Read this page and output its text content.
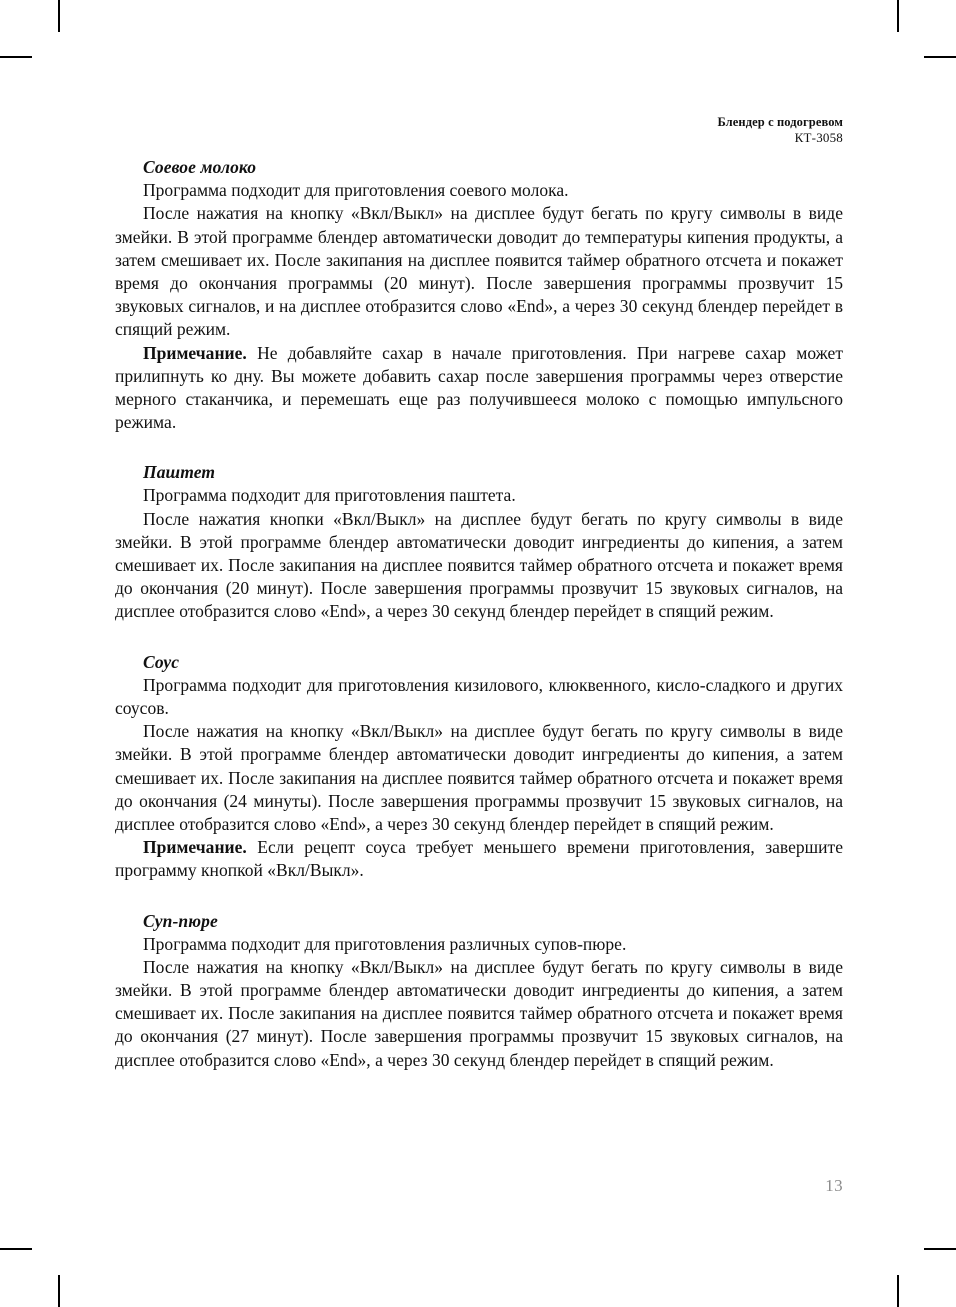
Блендер с подогревом
КТ-3058
Соевое молоко

Программа подходит для приготовления соевого молока.

После нажатия на кнопку «Вкл/Выкл» на дисплее будут бегать по кругу символы в виде змейки. В этой программе блендер автоматически доводит до температуры кипения продукты, а затем смешивает их. После закипания на дисплее появится таймер обратного отсчета и покажет время до окончания программы (20 минут). После завершения программы прозвучит 15 звуковых сигналов, и на дисплее отобразится слово «End», а через 30 секунд блендер перейдет в спящий режим.

Примечание. Не добавляйте сахар в начале приготовления. При нагреве сахар может прилипнуть ко дну. Вы можете добавить сахар после завершения программы через отверстие мерного стаканчика, и перемешать еще раз получившееся молоко с помощью импульсного режима.

Паштет

Программа подходит для приготовления паштета.

После нажатия кнопки «Вкл/Выкл» на дисплее будут бегать по кругу символы в виде змейки. В этой программе блендер автоматически доводит ингредиенты до кипения, а затем смешивает их. После закипания на дисплее появится таймер обратного отсчета и покажет время до окончания (20 минут). После завершения программы прозвучит 15 звуковых сигналов, на дисплее отобразится слово «End», а через 30 секунд блендер перейдет в спящий режим.

Соус

Программа подходит для приготовления кизилового, клюквенного, кисло-сладкого и других соусов.

После нажатия на кнопку «Вкл/Выкл» на дисплее будут бегать по кругу символы в виде змейки. В этой программе блендер автоматически доводит ингредиенты до кипения, а затем смешивает их. После закипания на дисплее появится таймер обратного отсчета и покажет время до окончания (24 минуты). После завершения программы прозвучит 15 звуковых сигналов, на дисплее отобразится слово «End», а через 30 секунд блендер перейдет в спящий режим.

Примечание. Если рецепт соуса требует меньшего времени приготовления, завершите программу кнопкой «Вкл/Выкл».

Суп-пюре

Программа подходит для приготовления различных супов-пюре.

После нажатия на кнопку «Вкл/Выкл» на дисплее будут бегать по кругу символы в виде змейки. В этой программе блендер автоматически доводит ингредиенты до кипения, а затем смешивает их. После закипания на дисплее появится таймер обратного отсчета и покажет время до окончания (27 минут). После завершения программы прозвучит 15 звуковых сигналов, на дисплее отобразится слово «End», а через 30 секунд блендер перейдет в спящий режим.

13
